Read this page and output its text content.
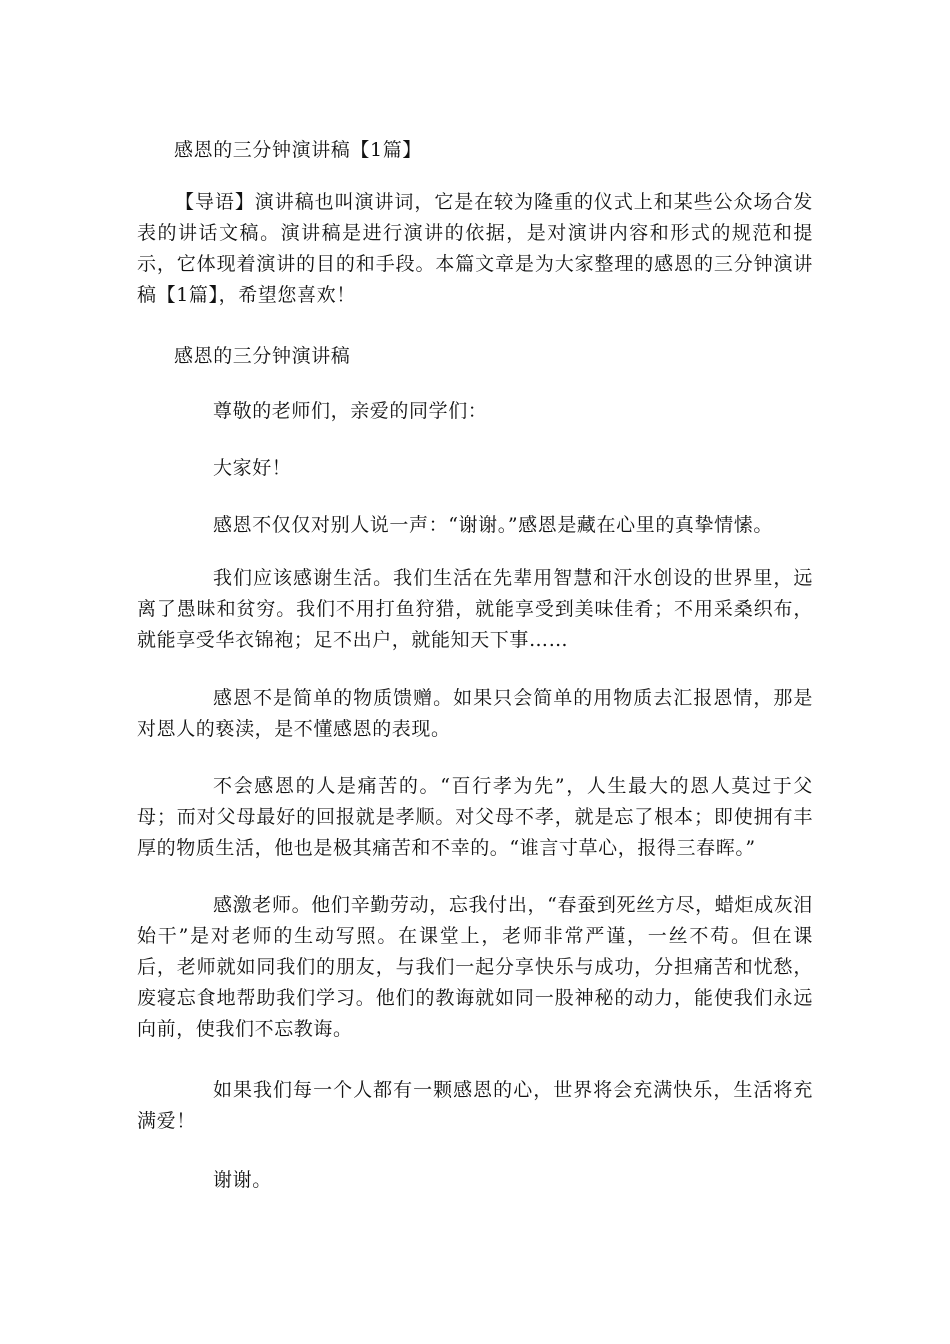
感恩的三分钟演讲稿【1篇】

【导语】演讲稿也叫演讲词，它是在较为隆重的仪式上和某些公众场合发表的讲话文稿。演讲稿是进行演讲的依据，是对演讲内容和形式的规范和提示，它体现着演讲的目的和手段。本篇文章是为大家整理的感恩的三分钟演讲稿【1篇】，希望您喜欢！

感恩的三分钟演讲稿

尊敬的老师们，亲爱的同学们：

大家好！

感恩不仅仅对别人说一声：“谢谢。”感恩是藏在心里的真挚情愫。

我们应该感谢生活。我们生活在先辈用智慧和汗水创设的世界里，远离了愚昧和贫穷。我们不用打鱼狩猎，就能享受到美味佳肴；不用采桑织布，就能享受华衣锦袍；足不出户，就能知天下事……

感恩不是简单的物质馈赠。如果只会简单的用物质去汇报恩情，那是对恩人的亵渎，是不懂感恩的表现。

不会感恩的人是痛苦的。“百行孝为先”，人生最大的恩人莫过于父母；而对父母最好的回报就是孝顺。对父母不孝，就是忘了根本；即使拥有丰厚的物质生活，他也是极其痛苦和不幸的。“谁言寸草心，报得三春晖。”

感激老师。他们辛勤劳动，忘我付出，“春蚕到死丝方尽，蜡炬成灰泪始干”是对老师的生动写照。在课堂上，老师非常严谨，一丝不苟。但在课后，老师就如同我们的朋友，与我们一起分享快乐与成功，分担痛苦和忧愁，废寝忘食地帮助我们学习。他们的教诲就如同一股神秘的动力，能使我们永远向前，使我们不忘教诲。

如果我们每一个人都有一颗感恩的心，世界将会充满快乐，生活将充满爱！

谢谢。
